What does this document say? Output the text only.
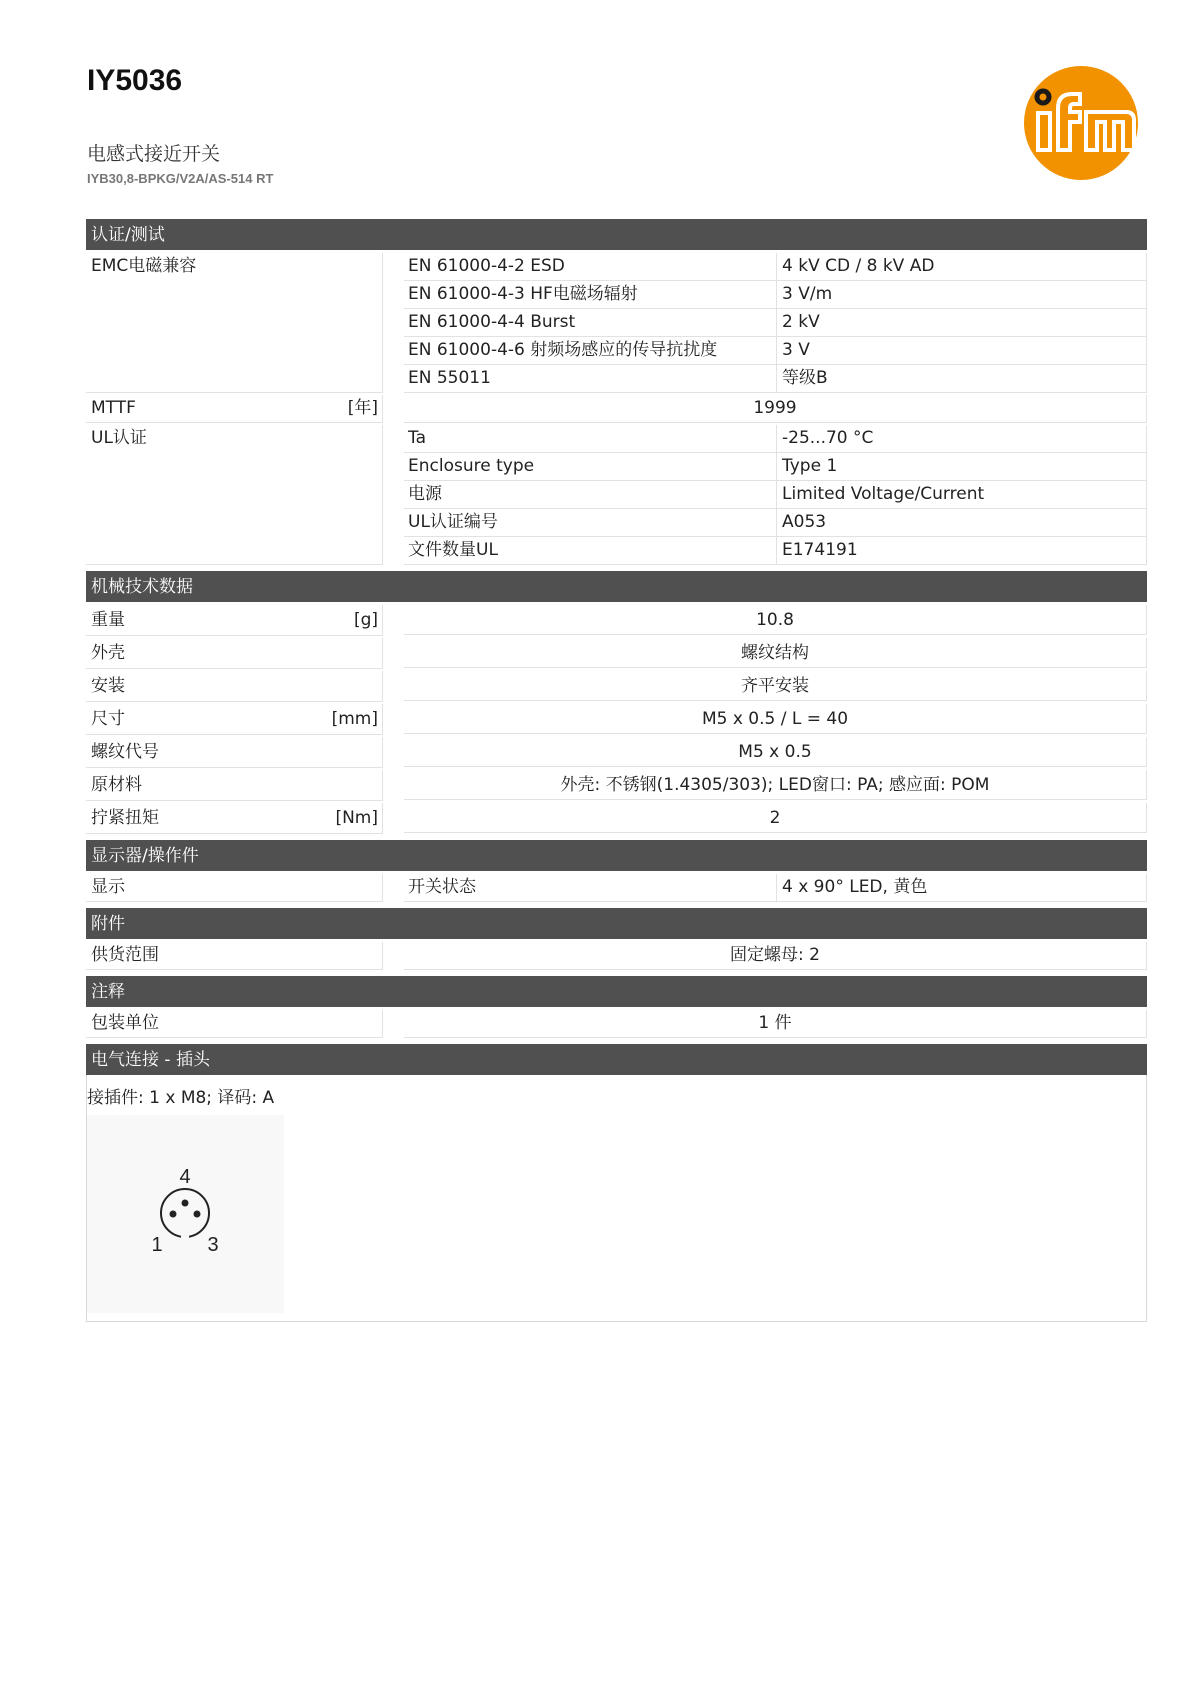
IY5036
电感式接近开关
IYB30,8-BPKG/V2A/AS-514 RT
认证/测试
EMC电磁兼容	EN 61000-4-2 ESD	4 kV CD / 8 kV AD
EN 61000-4-3 HF电磁场辐射	3 V/m
EN 61000-4-4 Burst	2 kV
EN 61000-4-6 射频场感应的传导抗扰度	3 V
EN 55011	等级B
MTTF	[年]	1999
UL认证	Ta	-25...70 °C
Enclosure type	Type 1
电源	Limited Voltage/Current
UL认证编号	A053
文件数量UL	E174191
机械技术数据
重量	[g]	10.8
外壳	螺纹结构
安装	齐平安装
尺寸	[mm]	M5 x 0.5 / L = 40
螺纹代号	M5 x 0.5
原材料	外壳: 不锈钢(1.4305/303); LED窗口: PA; 感应面: POM
拧紧扭矩	[Nm]	2
显示器/操作件
显示	开关状态	4 x 90° LED, 黄色
附件
供货范围	固定螺母: 2
注释
包装单位	1 件
电气连接 - 插头
接插件: 1 x M8; 译码: A
4
1 3
